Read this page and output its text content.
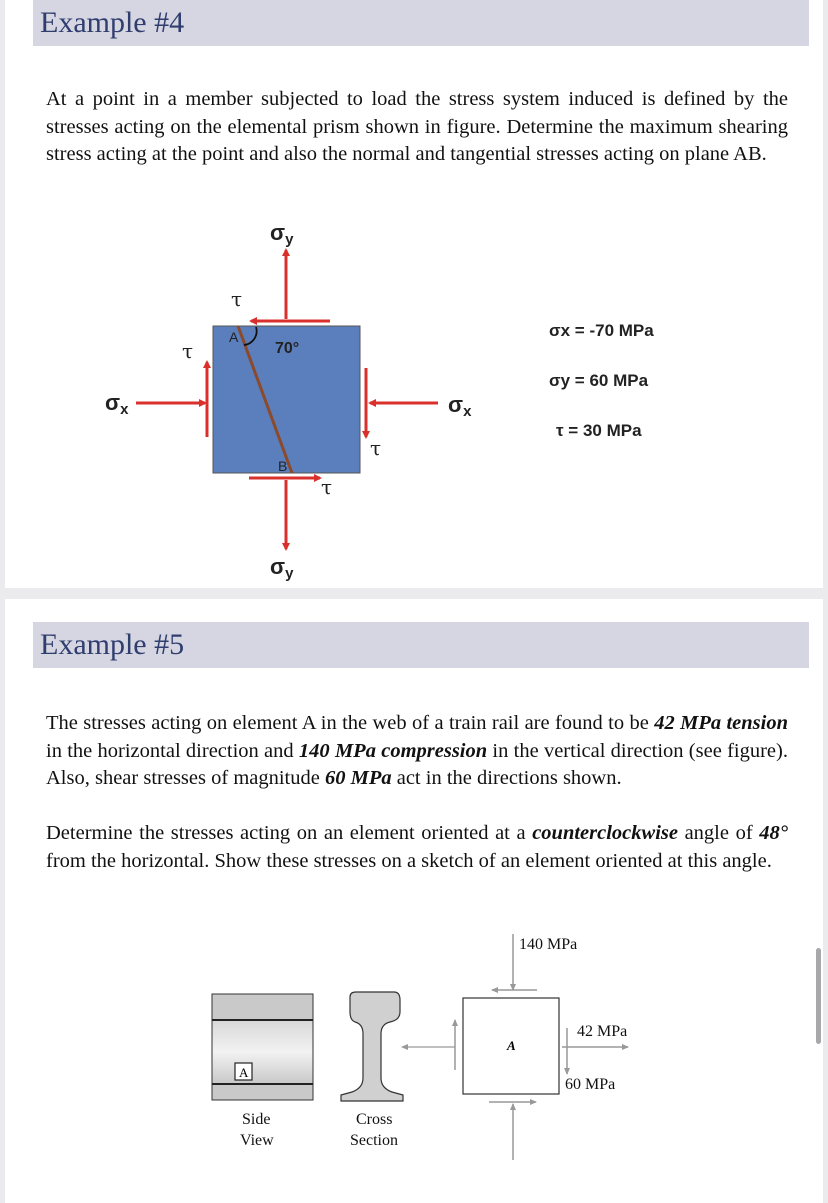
Example #4

At a point in a member subjected to load the stress system induced is defined by the stresses acting on the elemental prism shown in figure. Determine the maximum shearing stress acting at the point and also the normal and tangential stresses acting on plane AB.

σy
σy
σx	σx
τ
τ
τ
τ
A
B
70°
σx = -70 MPa
σy = 60 MPa
τ = 30 MPa
Example #5

The stresses acting on element A in the web of a train rail are found to be 42 MPa tension in the horizontal direction and 140 MPa compression in the vertical direction (see figure). Also, shear stresses of magnitude 60 MPa act in the directions shown.

Determine the stresses acting on an element oriented at a counterclockwise angle of 48° from the horizontal. Show these stresses on a sketch of an element oriented at this angle.

A
A
140 MPa
42 MPa
60 MPa
Side
View
Cross
Section
